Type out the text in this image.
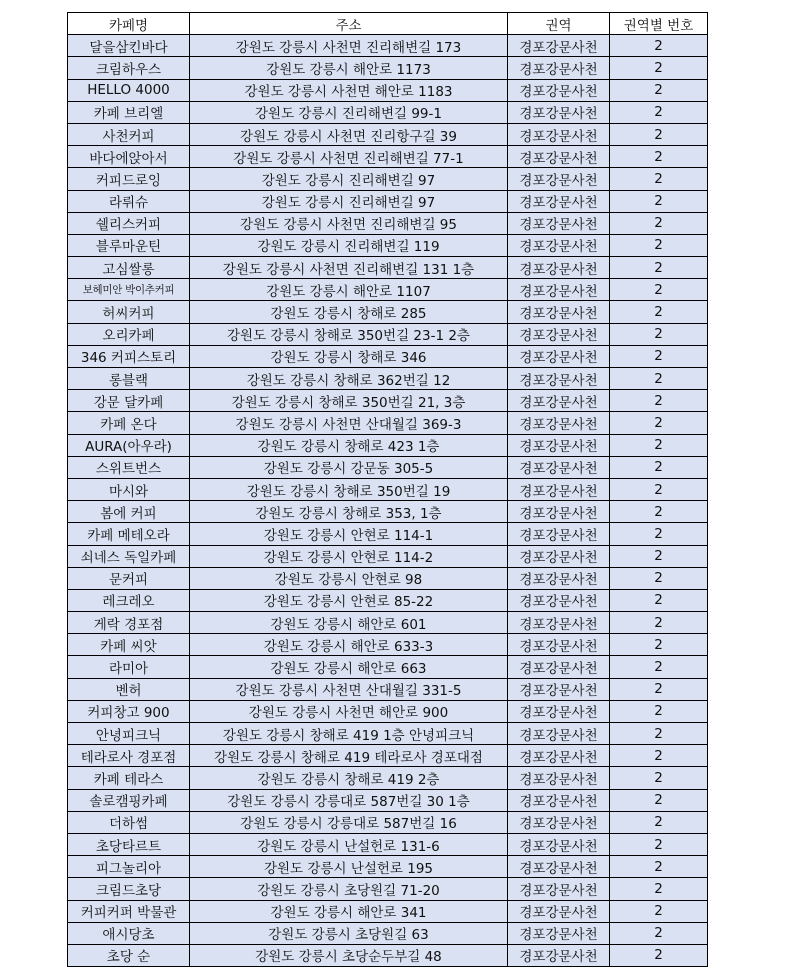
카페명	주소	권역	권역별 번호
달을삼킨바다	강원도 강릉시 사천면 진리해변길 173	경포강문사천	2
크림하우스	강원도 강릉시 해안로 1173	경포강문사천	2
HELLO 4000	강원도 강릉시 사천면 해안로 1183	경포강문사천	2
카페 브리엘	강원도 강릉시 진리해변길 99-1	경포강문사천	2
사천커피	강원도 강릉시 사천면 진리항구길 39	경포강문사천	2
바다에앉아서	강원도 강릉시 사천면 진리해변길 77-1	경포강문사천	2
커피드로잉	강원도 강릉시 진리해변길 97	경포강문사천	2
라뤼슈	강원도 강릉시 진리해변길 97	경포강문사천	2
쉘리스커피	강원도 강릉시 사천면 진리해변길 95	경포강문사천	2
블루마운틴	강원도 강릉시 진리해변길 119	경포강문사천	2
고심쌀롱	강원도 강릉시 사천면 진리해변길 131 1층	경포강문사천	2
보헤미안 박이추커피	강원도 강릉시 해안로 1107	경포강문사천	2
허씨커피	강원도 강릉시 창해로 285	경포강문사천	2
오리카페	강원도 강릉시 창해로 350번길 23-1 2층	경포강문사천	2
346 커피스토리	강원도 강릉시 창해로 346	경포강문사천	2
롱블랙	강원도 강릉시 창해로 362번길 12	경포강문사천	2
강문 달카페	강원도 강릉시 창해로 350번길 21, 3층	경포강문사천	2
카페 온다	강원도 강릉시 사천면 산대월길 369-3	경포강문사천	2
AURA(아우라)	강원도 강릉시 창해로 423 1층	경포강문사천	2
스위트번스	강원도 강릉시 강문동 305-5	경포강문사천	2
마시와	강원도 강릉시 창해로 350번길 19	경포강문사천	2
봄에 커피	강원도 강릉시 창해로 353, 1층	경포강문사천	2
카페 메테오라	강원도 강릉시 안현로 114-1	경포강문사천	2
쇠네스 독일카페	강원도 강릉시 안현로 114-2	경포강문사천	2
문커피	강원도 강릉시 안현로 98	경포강문사천	2
레크레오	강원도 강릉시 안현로 85-22	경포강문사천	2
게락 경포점	강원도 강릉시 해안로 601	경포강문사천	2
카페 씨앗	강원도 강릉시 해안로 633-3	경포강문사천	2
라미아	강원도 강릉시 해안로 663	경포강문사천	2
벤허	강원도 강릉시 사천면 산대월길 331-5	경포강문사천	2
커피창고 900	강원도 강릉시 사천면 해안로 900	경포강문사천	2
안녕피크닉	강원도 강릉시 창해로 419 1층 안녕피크닉	경포강문사천	2
테라로사 경포점	강원도 강릉시 창해로 419 테라로사 경포대점	경포강문사천	2
카페 테라스	강원도 강릉시 창해로 419 2층	경포강문사천	2
솔로캠핑카페	강원도 강릉시 강릉대로 587번길 30 1층	경포강문사천	2
더하썸	강원도 강릉시 강릉대로 587번길 16	경포강문사천	2
초당타르트	강원도 강릉시 난설헌로 131-6	경포강문사천	2
피그놀리아	강원도 강릉시 난설헌로 195	경포강문사천	2
크림드초당	강원도 강릉시 초당원길 71-20	경포강문사천	2
커피커퍼 박물관	강원도 강릉시 해안로 341	경포강문사천	2
애시당초	강원도 강릉시 초당원길 63	경포강문사천	2
초당 순	강원도 강릉시 초당순두부길 48	경포강문사천	2
